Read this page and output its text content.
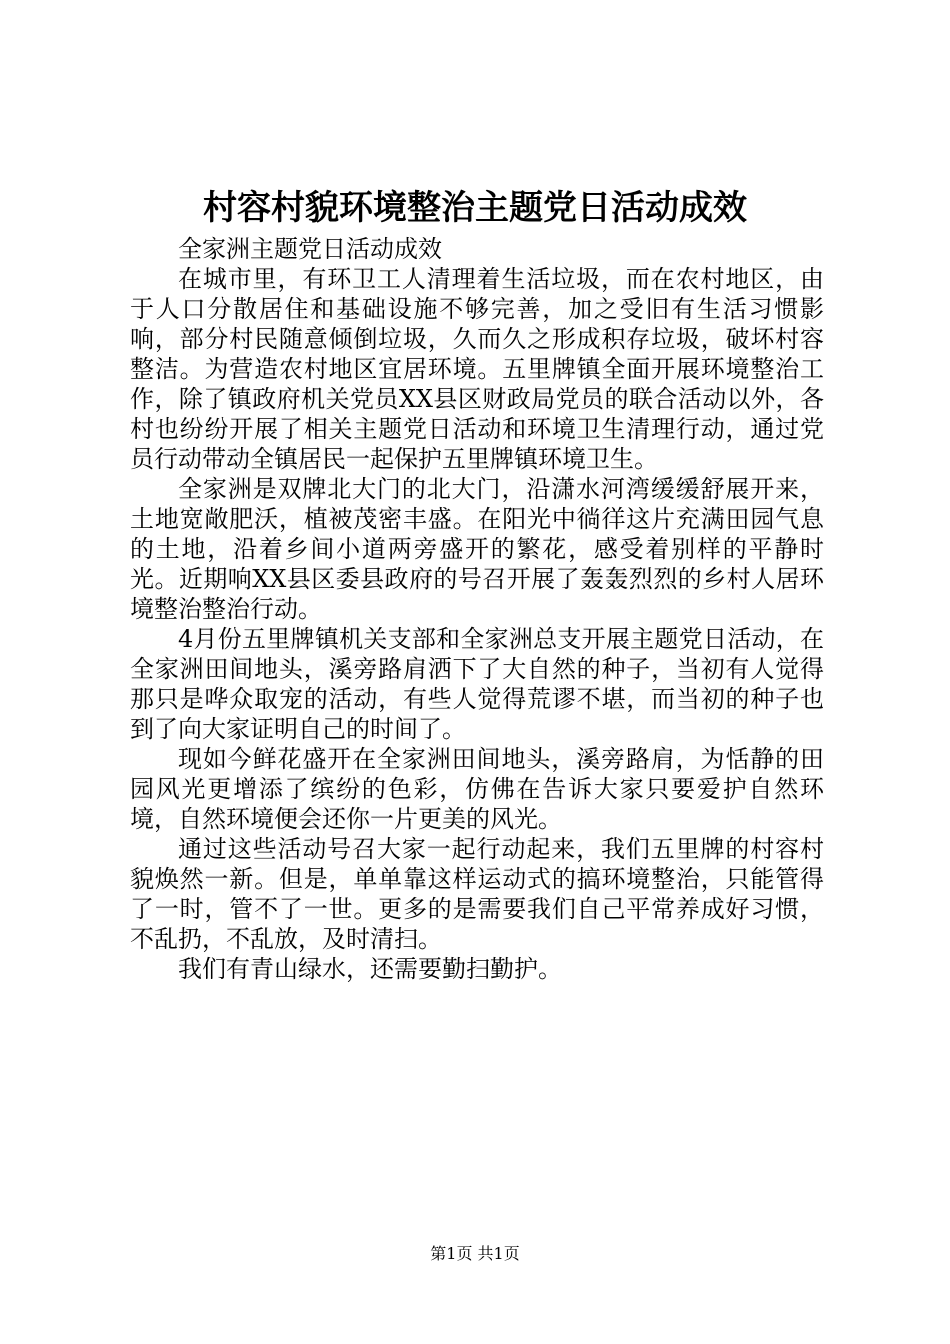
村容村貌环境整治主题党日活动成效

全家洲主题党日活动成效

在城市里，有环卫工人清理着生活垃圾，而在农村地区，由于人口分散居住和基础设施不够完善，加之受旧有生活习惯影响，部分村民随意倾倒垃圾，久而久之形成积存垃圾，破坏村容整洁。为营造农村地区宜居环境。五里牌镇全面开展环境整治工作，除了镇政府机关党员XX县区财政局党员的联合活动以外，各村也纷纷开展了相关主题党日活动和环境卫生清理行动，通过党员行动带动全镇居民一起保护五里牌镇环境卫生。

全家洲是双牌北大门的北大门，沿潇水河湾缓缓舒展开来，土地宽敞肥沃，植被茂密丰盛。在阳光中徜徉这片充满田园气息的土地，沿着乡间小道两旁盛开的繁花，感受着别样的平静时光。近期响XX县区委县政府的号召开展了轰轰烈烈的乡村人居环境整治整治行动。

4月份五里牌镇机关支部和全家洲总支开展主题党日活动，在全家洲田间地头，溪旁路肩洒下了大自然的种子，当初有人觉得那只是哗众取宠的活动，有些人觉得荒谬不堪，而当初的种子也到了向大家证明自己的时间了。

现如今鲜花盛开在全家洲田间地头，溪旁路肩，为恬静的田园风光更增添了缤纷的色彩，仿佛在告诉大家只要爱护自然环境，自然环境便会还你一片更美的风光。

通过这些活动号召大家一起行动起来，我们五里牌的村容村貌焕然一新。但是，单单靠这样运动式的搞环境整治，只能管得了一时，管不了一世。更多的是需要我们自己平常养成好习惯，不乱扔，不乱放，及时清扫。

我们有青山绿水，还需要勤扫勤护。

第1页 共1页
